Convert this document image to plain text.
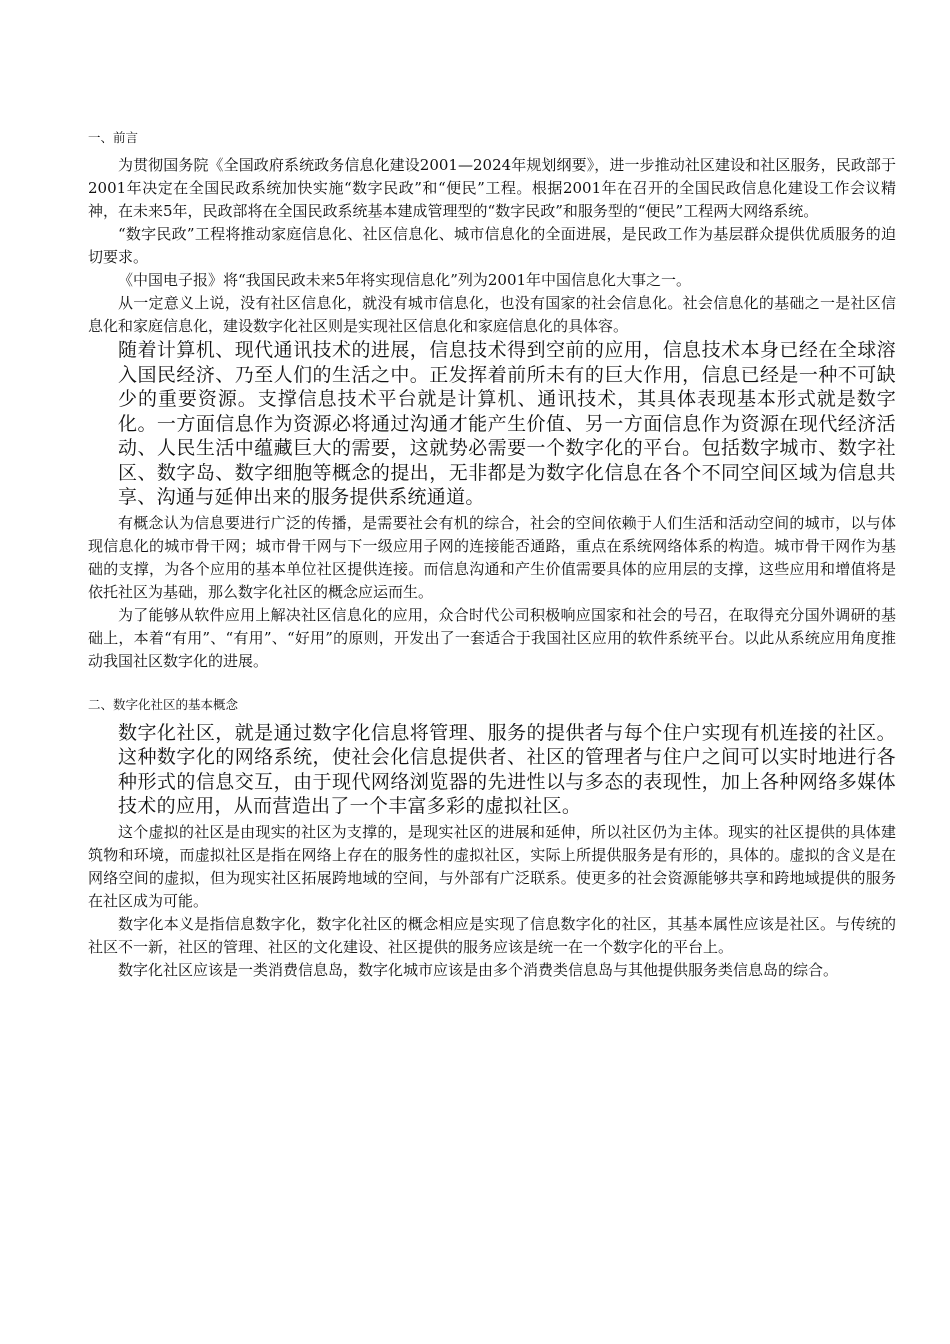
一、前言

为贯彻国务院《全国政府系统政务信息化建设2001—2024年规划纲要》，进一步推动社区建设和社区服务，民政部于2001年决定在全国民政系统加快实施“数字民政”和“便民”工程。根据2001年在召开的全国民政信息化建设工作会议精神，在未来5年，民政部将在全国民政系统基本建成管理型的“数字民政”和服务型的“便民”工程两大网络系统。

“数字民政”工程将推动家庭信息化、社区信息化、城市信息化的全面进展，是民政工作为基层群众提供优质服务的迫切要求。

《中国电子报》将“我国民政未来5年将实现信息化”列为2001年中国信息化大事之一。

从一定意义上说，没有社区信息化，就没有城市信息化，也没有国家的社会信息化。社会信息化的基础之一是社区信息化和家庭信息化，建设数字化社区则是实现社区信息化和家庭信息化的具体容。

随着计算机、现代通讯技术的进展，信息技术得到空前的应用，信息技术本身已经在全球溶入国民经济、乃至人们的生活之中。正发挥着前所未有的巨大作用，信息已经是一种不可缺少的重要资源。支撑信息技术平台就是计算机、通讯技术，其具体表现基本形式就是数字化。一方面信息作为资源必将通过沟通才能产生价值、另一方面信息作为资源在现代经济活动、人民生活中蕴藏巨大的需要，这就势必需要一个数字化的平台。包括数字城市、数字社区、数字岛、数字细胞等概念的提出，无非都是为数字化信息在各个不同空间区域为信息共享、沟通与延伸出来的服务提供系统通道。

有概念认为信息要进行广泛的传播，是需要社会有机的综合，社会的空间依赖于人们生活和活动空间的城市，以与体现信息化的城市骨干网；城市骨干网与下一级应用子网的连接能否通路，重点在系统网络体系的构造。城市骨干网作为基础的支撑，为各个应用的基本单位社区提供连接。而信息沟通和产生价值需要具体的应用层的支撑，这些应用和增值将是依托社区为基础，那么数字化社区的概念应运而生。

为了能够从软件应用上解决社区信息化的应用，众合时代公司积极响应国家和社会的号召，在取得充分国外调研的基础上，本着“有用”、“有用”、“好用”的原则，开发出了一套适合于我国社区应用的软件系统平台。以此从系统应用角度推动我国社区数字化的进展。

二、数字化社区的基本概念

数字化社区，就是通过数字化信息将管理、服务的提供者与每个住户实现有机连接的社区。这种数字化的网络系统，使社会化信息提供者、社区的管理者与住户之间可以实时地进行各种形式的信息交互，由于现代网络浏览器的先进性以与多态的表现性，加上各种网络多媒体技术的应用，从而营造出了一个丰富多彩的虚拟社区。

这个虚拟的社区是由现实的社区为支撑的，是现实社区的进展和延伸，所以社区仍为主体。现实的社区提供的具体建筑物和环境，而虚拟社区是指在网络上存在的服务性的虚拟社区，实际上所提供服务是有形的，具体的。虚拟的含义是在网络空间的虚拟，但为现实社区拓展跨地域的空间，与外部有广泛联系。使更多的社会资源能够共享和跨地域提供的服务在社区成为可能。

数字化本义是指信息数字化，数字化社区的概念相应是实现了信息数字化的社区，其基本属性应该是社区。与传统的社区不一新，社区的管理、社区的文化建设、社区提供的服务应该是统一在一个数字化的平台上。

数字化社区应该是一类消费信息岛，数字化城市应该是由多个消费类信息岛与其他提供服务类信息岛的综合。
